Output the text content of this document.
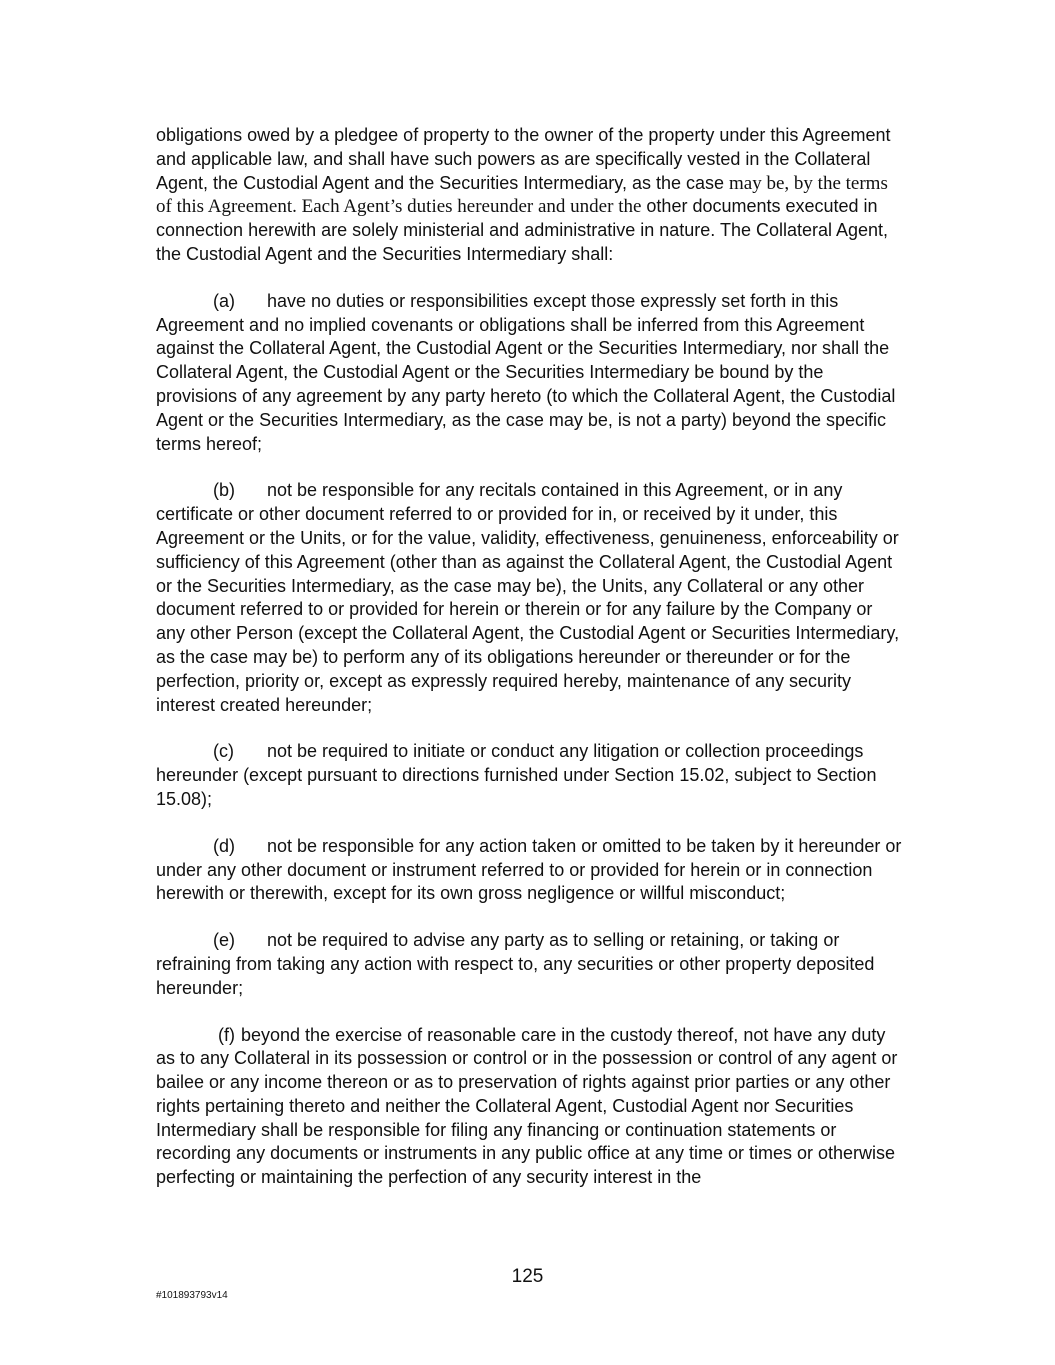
obligations owed by a pledgee of property to the owner of the property under this Agreement and applicable law, and shall have such powers as are specifically vested in the Collateral Agent, the Custodial Agent and the Securities Intermediary, as the case may be, by the terms of this Agreement. Each Agent’s duties hereunder and under the other documents executed in connection herewith are solely ministerial and administrative in nature. The Collateral Agent, the Custodial Agent and the Securities Intermediary shall:

(a) have no duties or responsibilities except those expressly set forth in this Agreement and no implied covenants or obligations shall be inferred from this Agreement against the Collateral Agent, the Custodial Agent or the Securities Intermediary, nor shall the Collateral Agent, the Custodial Agent or the Securities Intermediary be bound by the provisions of any agreement by any party hereto (to which the Collateral Agent, the Custodial Agent or the Securities Intermediary, as the case may be, is not a party) beyond the specific terms hereof;

(b) not be responsible for any recitals contained in this Agreement, or in any certificate or other document referred to or provided for in, or received by it under, this Agreement or the Units, or for the value, validity, effectiveness, genuineness, enforceability or sufficiency of this Agreement (other than as against the Collateral Agent, the Custodial Agent or the Securities Intermediary, as the case may be), the Units, any Collateral or any other document referred to or provided for herein or therein or for any failure by the Company or any other Person (except the Collateral Agent, the Custodial Agent or Securities Intermediary, as the case may be) to perform any of its obligations hereunder or thereunder or for the perfection, priority or, except as expressly required hereby, maintenance of any security interest created hereunder;

(c) not be required to initiate or conduct any litigation or collection proceedings hereunder (except pursuant to directions furnished under Section 15.02, subject to Section 15.08);

(d) not be responsible for any action taken or omitted to be taken by it hereunder or under any other document or instrument referred to or provided for herein or in connection herewith or therewith, except for its own gross negligence or willful misconduct;

(e) not be required to advise any party as to selling or retaining, or taking or refraining from taking any action with respect to, any securities or other property deposited hereunder;

(f) beyond the exercise of reasonable care in the custody thereof, not have any duty as to any Collateral in its possession or control or in the possession or control of any agent or bailee or any income thereon or as to preservation of rights against prior parties or any other rights pertaining thereto and neither the Collateral Agent, Custodial Agent nor Securities Intermediary shall be responsible for filing any financing or continuation statements or recording any documents or instruments in any public office at any time or times or otherwise perfecting or maintaining the perfection of any security interest in the

125
#101893793v14
